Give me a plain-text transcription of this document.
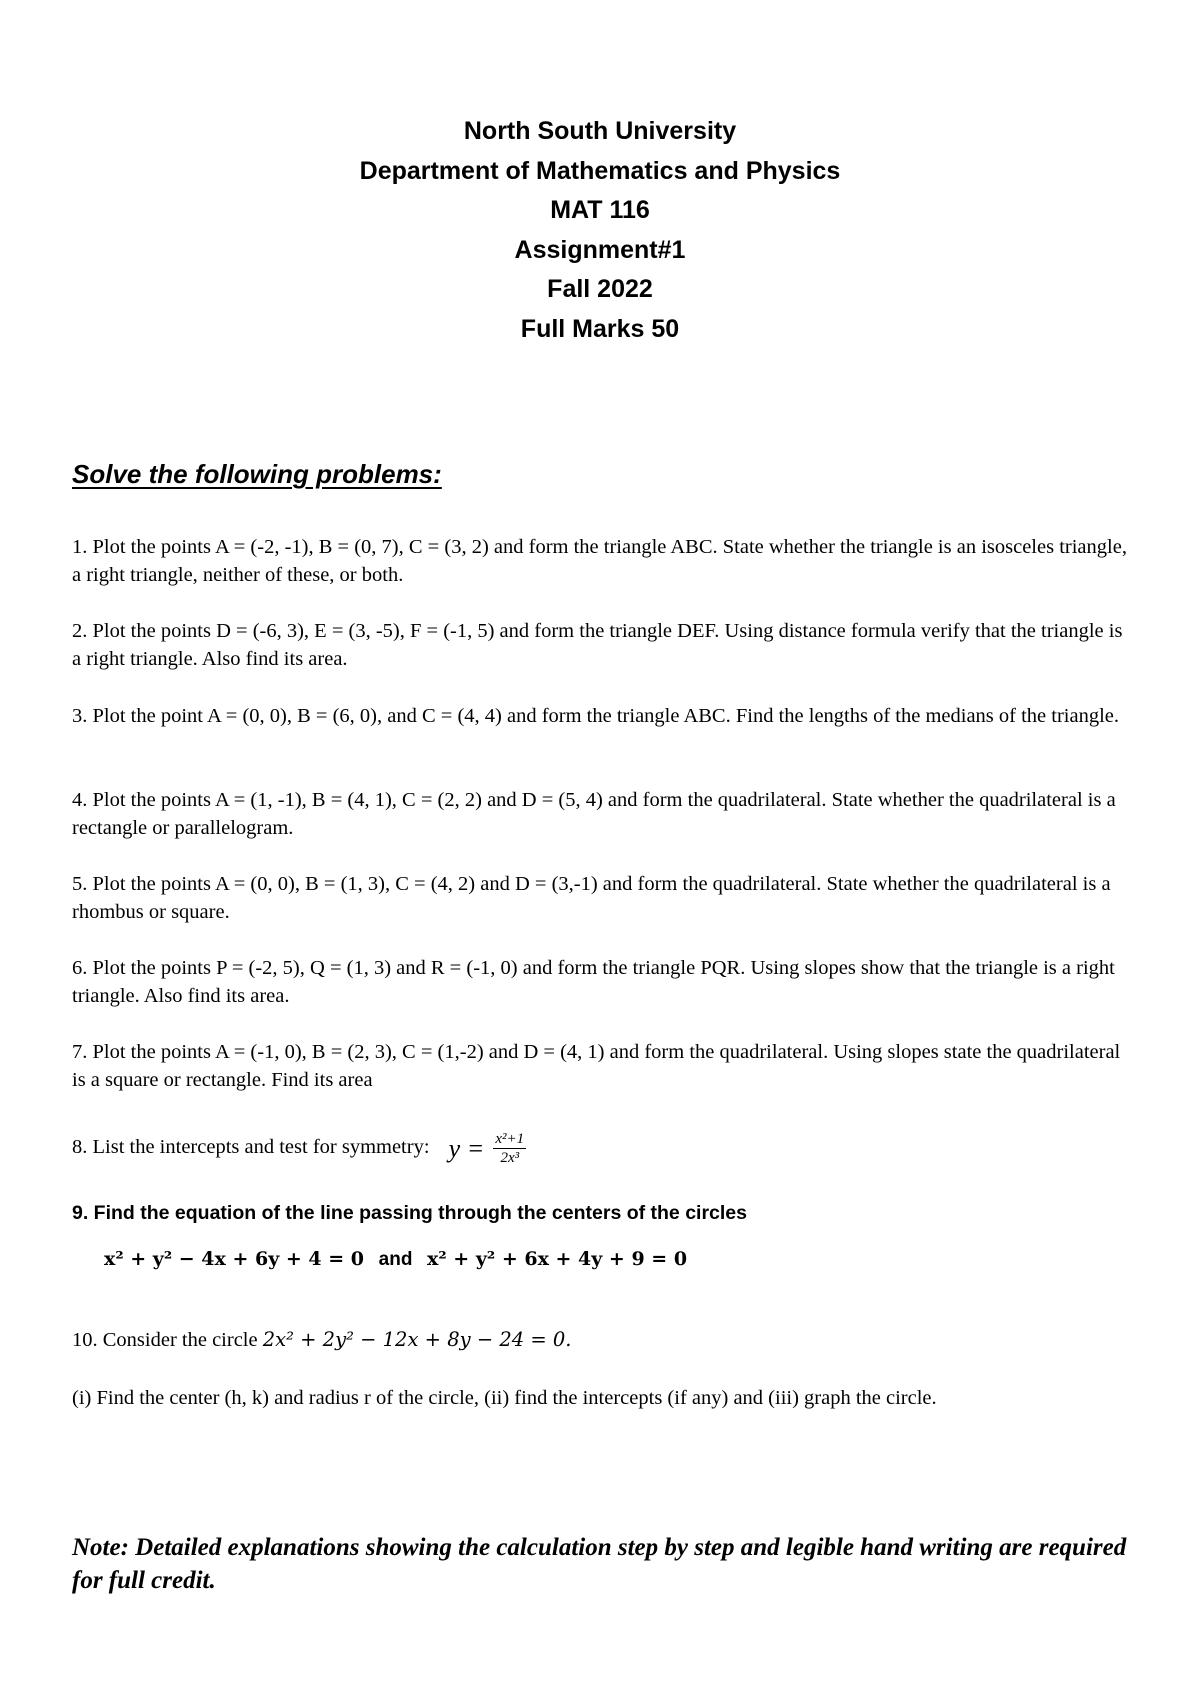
North South University
Department of Mathematics and Physics
MAT 116
Assignment#1
Fall 2022
Full Marks 50
Solve the following problems:
1. Plot the points A = (-2, -1), B = (0, 7), C = (3, 2) and form the triangle ABC. State whether the triangle is an isosceles triangle, a right triangle, neither of these, or both.
2. Plot the points D = (-6, 3), E = (3, -5), F = (-1, 5) and form the triangle DEF. Using distance formula verify that the triangle is a right triangle. Also find its area.
3. Plot the point A = (0, 0), B = (6, 0), and C = (4, 4) and form the triangle ABC. Find the lengths of the medians of the triangle.
4. Plot the points A = (1, -1), B = (4, 1), C = (2, 2) and D = (5, 4) and form the quadrilateral. State whether the quadrilateral is a rectangle or parallelogram.
5. Plot the points A = (0, 0), B = (1, 3), C = (4, 2) and D = (3,-1) and form the quadrilateral. State whether the quadrilateral is a rhombus or square.
6. Plot the points P = (-2, 5), Q = (1, 3) and R = (-1, 0) and form the triangle PQR. Using slopes show that the triangle is a right triangle. Also find its area.
7. Plot the points A = (-1, 0), B = (2, 3), C = (1,-2) and D = (4, 1) and form the quadrilateral. Using slopes state the quadrilateral is a square or rectangle. Find its area
8. List the intercepts and test for symmetry: $y = \frac{\text{x²+1}}{\text{2x³}}$
9. Find the equation of the line passing through the centers of the circles
x² + y² − 4x + 6y + 4 = 0 and x² + y² + 6x + 4y + 9 = 0
10. Consider the circle 2x² + 2y² − 12x + 8y − 24 = 0.
(i) Find the center (h, k) and radius r of the circle, (ii) find the intercepts (if any) and (iii) graph the circle.
Note: Detailed explanations showing the calculation step by step and legible hand writing are required for full credit.
